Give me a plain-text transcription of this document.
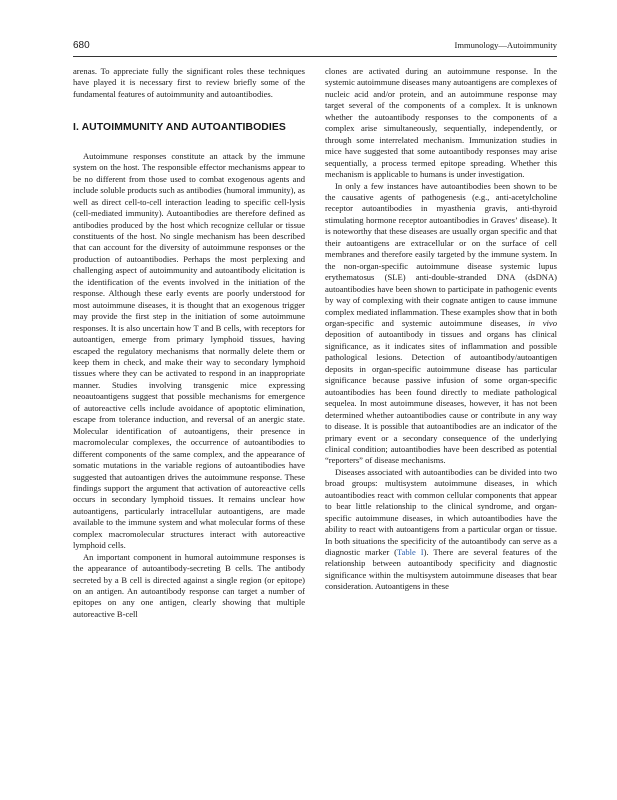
680	Immunology—Autoimmunity

arenas. To appreciate fully the significant roles these techniques have played it is necessary first to review briefly some of the fundamental features of autoimmunity and autoantibodies.

I. AUTOIMMUNITY AND AUTOANTIBODIES

Autoimmune responses constitute an attack by the immune system on the host. The responsible effector mechanisms appear to be no different from those used to combat exogenous agents and include soluble products such as antibodies (humoral immunity), as well as direct cell-to-cell interaction leading to specific cell-lysis (cell-mediated immunity). Autoantibodies are therefore defined as antibodies produced by the host which recognize cellular or tissue constituents of the host. No single mechanism has been described that can account for the diversity of autoimmune responses or the production of autoantibodies. Perhaps the most perplexing and challenging aspect of autoimmunity and autoantibody elicitation is the identification of the events involved in the initiation of the response. Although these early events are poorly understood for most autoimmune diseases, it is thought that an exogenous trigger may provide the first step in the initiation of some autoimmune responses. It is also uncertain how T and B cells, with receptors for autoantigen, emerge from primary lymphoid tissues, having escaped the regulatory mechanisms that normally delete them or keep them in check, and make their way to secondary lymphoid tissues where they can be activated to respond in an inappropriate manner. Studies involving transgenic mice expressing neoautoantigens suggest that possible mechanisms for emergence of autoreactive cells include avoidance of apoptotic elimination, escape from tolerance induction, and reversal of an anergic state. Molecular identification of autoantigens, their presence in macromolecular complexes, the occurrence of autoantibodies to different components of the same complex, and the appearance of somatic mutations in the variable regions of autoantibodies have suggested that autoantigen drives the autoimmune response. These findings support the argument that activation of autoreactive cells occurs in secondary lymphoid tissues. It remains unclear how autoantigens, particularly intracellular autoantigens, are made available to the immune system and what molecular forms of these complex macromolecular structures interact with autoreactive lymphoid cells.

An important component in humoral autoimmune responses is the appearance of autoantibody-secreting B cells. The antibody secreted by a B cell is directed against a single region (or epitope) on an antigen. An autoantibody response can target a number of epitopes on any one antigen, clearly showing that multiple autoreactive B-cell

clones are activated during an autoimmune response. In the systemic autoimmune diseases many autoantigens are complexes of nucleic acid and/or protein, and an autoimmune response may target several of the components of a complex. It is unknown whether the autoantibody responses to the components of a complex arise simultaneously, sequentially, independently, or through some interrelated mechanism. Immunization studies in mice have suggested that some autoantibody responses may arise sequentially, a process termed epitope spreading. Whether this mechanism is applicable to humans is under investigation.

In only a few instances have autoantibodies been shown to be the causative agents of pathogenesis (e.g., anti-acetylcholine receptor autoantibodies in myasthenia gravis, anti-thyroid stimulating hormone receptor autoantibodies in Graves’ disease). It is noteworthy that these diseases are usually organ specific and that their autoantigens are extracellular or on the surface of cell membranes and therefore easily targeted by the immune system. In the non-organ-specific autoimmune disease systemic lupus erythematosus (SLE) anti-double-stranded DNA (dsDNA) autoantibodies have been shown to participate in pathogenic events by way of complexing with their cognate antigen to cause immune complex mediated inflammation. These examples show that in both organ-specific and systemic autoimmune diseases, in vivo deposition of autoantibody in tissues and organs has clinical significance, as it indicates sites of inflammation and possible pathological lesions. Detection of autoantibody/autoantigen deposits in organ-specific autoimmune disease has particular significance because passive infusion of some organ-specific autoantibodies has been found directly to mediate pathological sequelea. In most autoimmune diseases, however, it has not been determined whether autoantibodies cause or contribute in any way to disease. It is possible that autoantibodies are an indicator of the primary event or a secondary consequence of the underlying clinical condition; autoantibodies have been described as potential “reporters” of disease mechanisms.

Diseases associated with autoantibodies can be divided into two broad groups: multisystem autoimmune diseases, in which autoantibodies react with common cellular components that appear to bear little relationship to the clinical syndrome, and organ-specific autoimmune diseases, in which autoantibodies have the ability to react with autoantigens from a particular organ or tissue. In both situations the specificity of the autoantibody can serve as a diagnostic marker (Table I). There are several features of the relationship between autoantibody specificity and diagnostic significance within the multisystem autoimmune diseases that bear consideration. Autoantigens in these
